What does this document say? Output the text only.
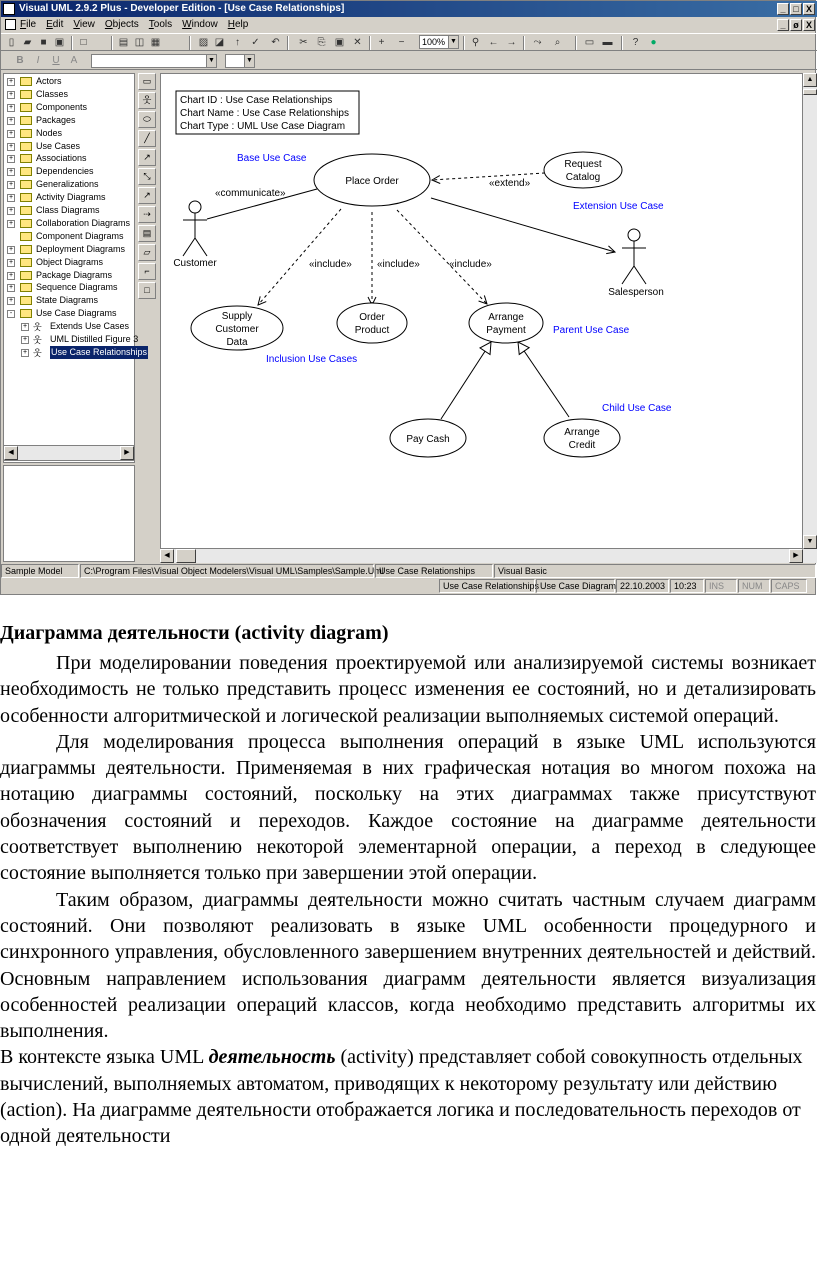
Visual UML 2.9.2 Plus - Developer Edition - [Use Case Relationships]	_ □ X
File Edit View Objects Tools Window Help	_ ø X
▯ ▰ ■ ▣	□	▤ ◫ ▦	▨ ◪	↑	✓ ↶ ✂ ⎘ ▣ ✕	+	−	⚲ ← → ⤳	⌕	▭ ▬	?	●
100% ▼
B	I	U	A	▼	▼
+	Actors
+	Classes
+	Components
+	Packages
+	Nodes
+	Use Cases
+	Associations
+	Dependencies
+	Generalizations
+	Activity Diagrams
+	Class Diagrams
+	Collaboration Diagrams
Component Diagrams
+	Deployment Diagrams
+	Object Diagrams
+	Package Diagrams
+	Sequence Diagrams
+	State Diagrams
-	Use Case Diagrams
+ 웃 Extends Use Cases
+ 웃 UML Distilled Figure 3
+ 웃 Use Case Relationships
◀	▶
▭
웃
⬭
╱
↗
⤡
↗
⇢
▤
▱
⌐
□
Chart ID : Use Case Relationships
Chart Name : Use Case Relationships
Chart Type : UML Use Case Diagram
Place Order
Request
Catalog
Supply
Customer
Data
Order
Product
Arrange
Payment
Pay Cash
Arrange
Credit
Customer
Salesperson
«communicate»
«extend»
«include»	«include»	«include»
Base Use Case
Extension Use Case
Inclusion Use Cases
Parent Use Case
Child Use Case
▲
▼
◀	▶
Sample Model	C:\Program Files\Visual Object Modelers\Visual UML\Samples\Sample.Uml
Use Case Relationships	Visual Basic
Use Case Relationships Use Case Diagram 22.10.2003 10:23	INS	NUM	CAPS
Диаграмма деятельности (activity diagram)

При моделировании поведения проектируемой или анализируемой системы возникает необходимость не только представить процесс изменения ее состояний, но и детализировать особенности алгоритмической и логической реализации выполняемых системой операций.

Для моделирования процесса выполнения операций в языке UML используются диаграммы деятельности. Применяемая в них графическая нотация во многом похожа на нотацию диаграммы состояний, поскольку на этих диаграммах также присутствуют обозначения состояний и переходов. Каждое состояние на диаграмме деятельности соответствует выполнению некоторой элементарной операции, а переход в следующее состояние выполняется только при завершении этой операции.

Таким образом, диаграммы деятельности можно считать частным случаем диаграмм состояний. Они позволяют реализовать в языке UML особенности процедурного и синхронного управления, обусловленного завершением внутренних деятельностей и действий. Основным направлением использования диаграмм деятельности является визуализация особенностей реализации операций классов, когда необходимо представить алгоритмы их выполнения.

В контексте языка UML деятельность (activity) представляет собой совокупность отдельных вычислений, выполняемых автоматом, приводящих к некоторому результату или действию (action). На диаграмме деятельности отображается логика и последовательность переходов от одной деятельности
